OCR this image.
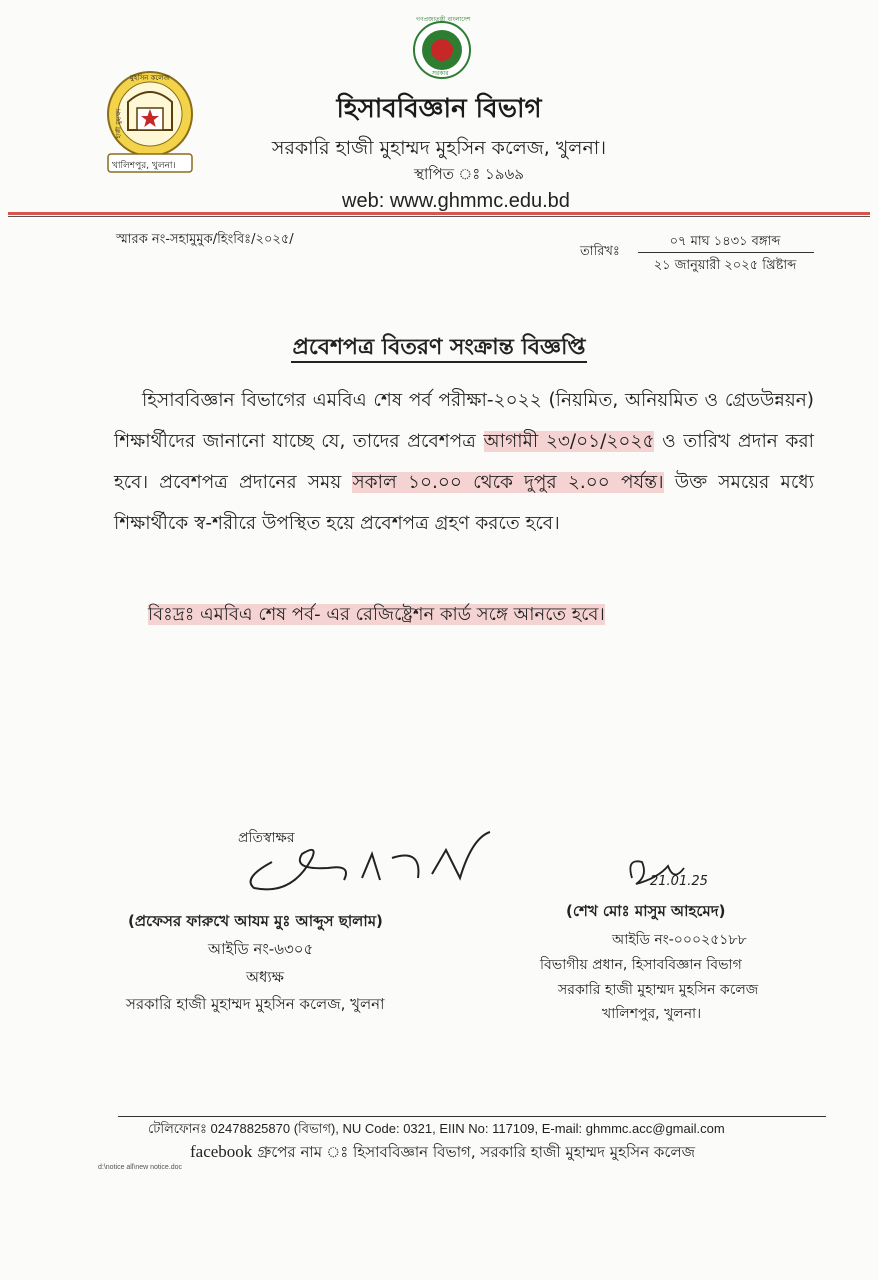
মুহসিন কলেজ
হাজী মুহাম্মদ
খালিশপুর, খুলনা।
গণপ্রজাতন্ত্রী বাংলাদেশ
সরকার
হিসাববিজ্ঞান বিভাগ
সরকারি হাজী মুহাম্মদ মুহসিন কলেজ, খুলনা।
স্থাপিত ঃ ১৯৬৯
web: www.ghmmc.edu.bd
স্মারক নং-সহামুমুক/হিংবিঃ/২০২৫/
তারিখঃ
০৭ মাঘ ১৪৩১ বঙ্গাব্দ
২১ জানুয়ারী ২০২৫ খ্রিষ্টাব্দ
প্রবেশপত্র বিতরণ সংক্রান্ত বিজ্ঞপ্তি
হিসাববিজ্ঞান বিভাগের এমবিএ শেষ পর্ব পরীক্ষা-২০২২ (নিয়মিত, অনিয়মিত ও গ্রেডউন্নয়ন) শিক্ষার্থীদের জানানো যাচ্ছে যে, তাদের প্রবেশপত্র আগামী ২৩/০১/২০২৫ ও তারিখ প্রদান করা হবে। প্রবেশপত্র প্রদানের সময় সকাল ১০.০০ থেকে দুপুর ২.০০ পর্যন্ত। উক্ত সময়ের মধ্যে শিক্ষার্থীকে স্ব-শরীরে উপস্থিত হয়ে প্রবেশপত্র গ্রহণ করতে হবে।
বিঃদ্রঃ এমবিএ শেষ পর্ব- এর রেজিষ্ট্রেশন কার্ড সঙ্গে আনতে হবে।
প্রতিস্বাক্ষর
(প্রফেসর ফারুখে আযম মুঃ আব্দুস ছালাম)
আইডি নং-৬৩০৫
অধ্যক্ষ
সরকারি হাজী মুহাম্মদ মুহসিন কলেজ, খুলনা
21.01.25
(শেখ মোঃ মাসুম আহমেদ)
আইডি নং-০০০২৫১৮৮
বিভাগীয় প্রধান, হিসাববিজ্ঞান বিভাগ
সরকারি হাজী মুহাম্মদ মুহসিন কলেজ
খালিশপুর, খুলনা।
টেলিফোনঃ 02478825870 (বিভাগ), NU Code: 0321, EIIN No: 117109, E-mail: ghmmc.acc@gmail.com
facebook গ্রুপের নাম ঃ হিসাববিজ্ঞান বিভাগ, সরকারি হাজী মুহাম্মদ মুহসিন কলেজ
d:\notice all\new notice.doc
